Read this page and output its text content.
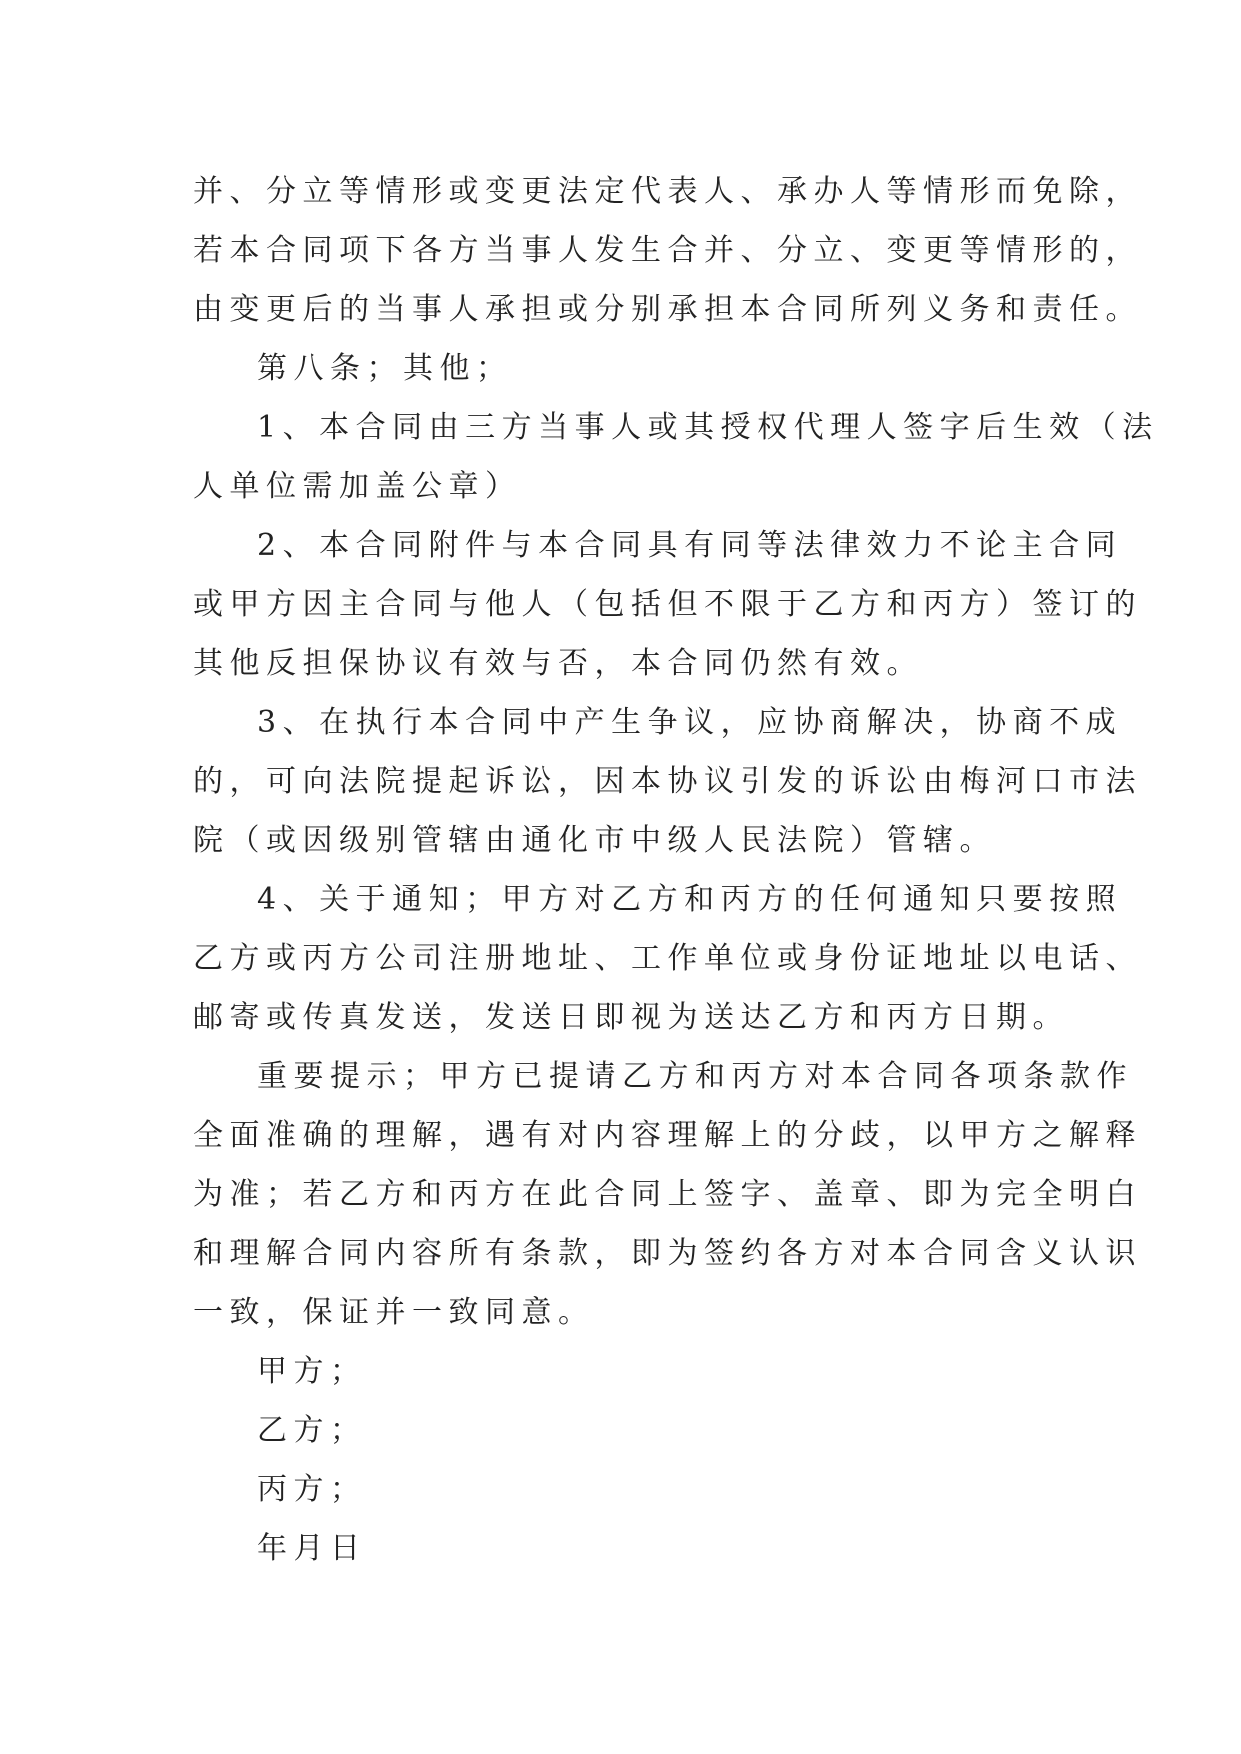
并、分立等情形或变更法定代表人、承办人等情形而免除，
若本合同项下各方当事人发生合并、分立、变更等情形的，
由变更后的当事人承担或分别承担本合同所列义务和责任。
第八条；其他；
1、本合同由三方当事人或其授权代理人签字后生效（法
人单位需加盖公章）
2、本合同附件与本合同具有同等法律效力不论主合同
或甲方因主合同与他人（包括但不限于乙方和丙方）签订的
其他反担保协议有效与否，本合同仍然有效。
3、在执行本合同中产生争议，应协商解决，协商不成
的，可向法院提起诉讼，因本协议引发的诉讼由梅河口市法
院（或因级别管辖由通化市中级人民法院）管辖。
4、关于通知；甲方对乙方和丙方的任何通知只要按照
乙方或丙方公司注册地址、工作单位或身份证地址以电话、
邮寄或传真发送，发送日即视为送达乙方和丙方日期。
重要提示；甲方已提请乙方和丙方对本合同各项条款作
全面准确的理解，遇有对内容理解上的分歧，以甲方之解释
为准；若乙方和丙方在此合同上签字、盖章、即为完全明白
和理解合同内容所有条款，即为签约各方对本合同含义认识
一致，保证并一致同意。
甲方；
乙方；
丙方；
年月日
